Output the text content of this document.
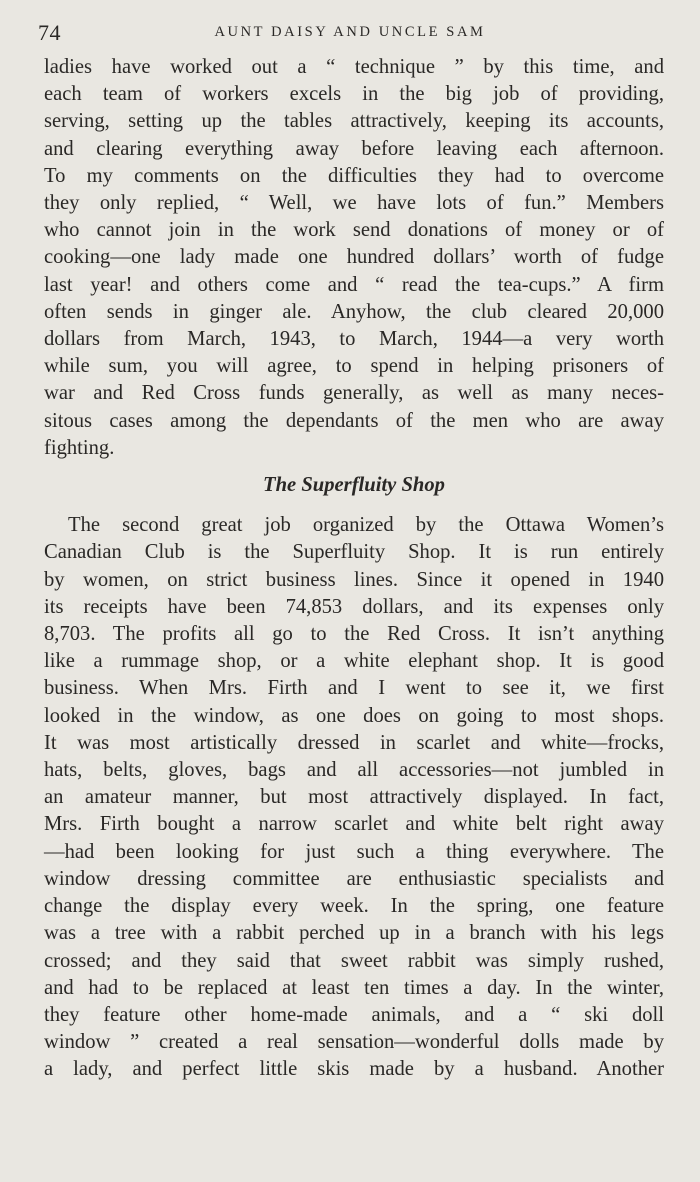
74	AUNT DAISY AND UNCLE SAM
ladies have worked out a “ technique ” by this time, and
each team of workers excels in the big job of providing,
serving, setting up the tables attractively, keeping its accounts,
and clearing everything away before leaving each afternoon.
To my comments on the difficulties they had to overcome
they only replied, “ Well, we have lots of fun.” Members
who cannot join in the work send donations of money or of
cooking—one lady made one hundred dollars’ worth of fudge
last year! and others come and “ read the tea-cups.” A firm
often sends in ginger ale. Anyhow, the club cleared 20,000
dollars from March, 1943, to March, 1944—a very worth
while sum, you will agree, to spend in helping prisoners of
war and Red Cross funds generally, as well as many neces-
sitous cases among the dependants of the men who are away
fighting.
The Superfluity Shop
The second great job organized by the Ottawa Women’s
Canadian Club is the Superfluity Shop. It is run entirely
by women, on strict business lines. Since it opened in 1940
its receipts have been 74,853 dollars, and its expenses only
8,703. The profits all go to the Red Cross. It isn’t anything
like a rummage shop, or a white elephant shop. It is good
business. When Mrs. Firth and I went to see it, we first
looked in the window, as one does on going to most shops.
It was most artistically dressed in scarlet and white—frocks,
hats, belts, gloves, bags and all accessories—not jumbled in
an amateur manner, but most attractively displayed. In fact,
Mrs. Firth bought a narrow scarlet and white belt right away
—had been looking for just such a thing everywhere. The
window dressing committee are enthusiastic specialists and
change the display every week. In the spring, one feature
was a tree with a rabbit perched up in a branch with his legs
crossed; and they said that sweet rabbit was simply rushed,
and had to be replaced at least ten times a day. In the winter,
they feature other home-made animals, and a “ ski doll
window ” created a real sensation—wonderful dolls made by
a lady, and perfect little skis made by a husband. Another
